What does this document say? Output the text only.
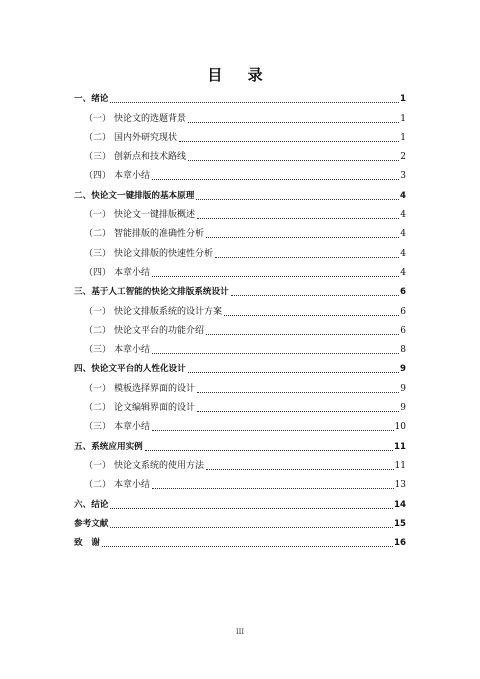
目 录
一、 绪论	1
（一） 快论文的选题背景	1
（二） 国内外研究现状	1
（三） 创新点和技术路线	2
（四） 本章小结	3
二、 快论文一键排版的基本原理	4
（一） 快论文一键排版概述	4
（二） 智能排版的准确性分析	4
（三） 快论文排版的快速性分析	4
（四） 本章小结	4
三、 基于人工智能的快论文排版系统设计	6
（一） 快论文排版系统的设计方案	6
（二） 快论文平台的功能介绍	6
（三） 本章小结	8
四、 快论文平台的人性化设计	9
（一） 模板选择界面的设计	9
（二） 论文编辑界面的设计	9
（三） 本章小结	10
五、 系统应用实例	11
（一） 快论文系统的使用方法	11
（二） 本章小结	13
六、 结论	14
参考文献	15
致　谢	16
III
